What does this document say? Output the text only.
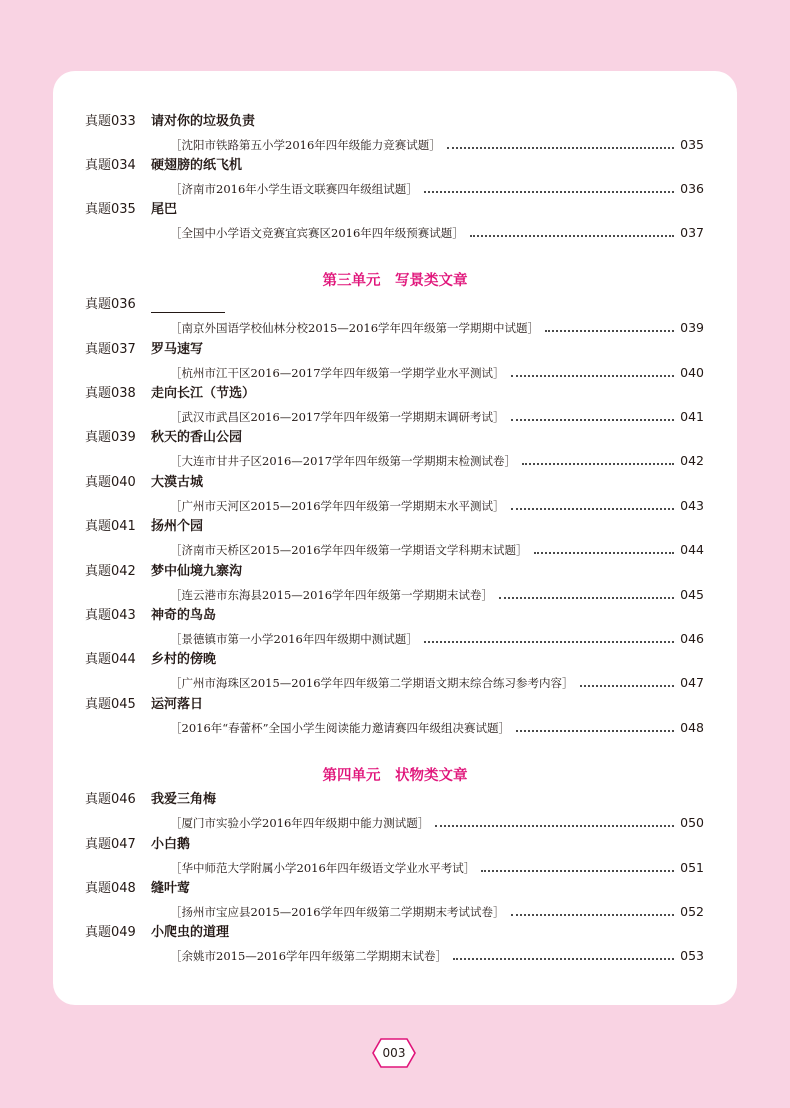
真题033 请对你的垃圾负责
［沈阳市铁路第五小学2016年四年级能力竞赛试题］	035
真题034 硬翅膀的纸飞机
［济南市2016年小学生语文联赛四年级组试题］	036
真题035 尾巴
［全国中小学语文竞赛宜宾赛区2016年四年级预赛试题］	037
第三单元　写景类文章
真题036
［南京外国语学校仙林分校2015—2016学年四年级第一学期期中试题］	039
真题037 罗马速写
［杭州市江干区2016—2017学年四年级第一学期学业水平测试］	040
真题038 走向长江（节选）
［武汉市武昌区2016—2017学年四年级第一学期期末调研考试］	041
真题039 秋天的香山公园
［大连市甘井子区2016—2017学年四年级第一学期期末检测试卷］	042
真题040 大漠古城
［广州市天河区2015—2016学年四年级第一学期期末水平测试］	043
真题041 扬州个园
［济南市天桥区2015—2016学年四年级第一学期语文学科期末试题］	044
真题042 梦中仙境九寨沟
［连云港市东海县2015—2016学年四年级第一学期期末试卷］	045
真题043 神奇的鸟岛
［景德镇市第一小学2016年四年级期中测试题］	046
真题044 乡村的傍晚
［广州市海珠区2015—2016学年四年级第二学期语文期末综合练习参考内容］	047
真题045 运河落日
［2016年“春蕾杯”全国小学生阅读能力邀请赛四年级组决赛试题］	048
第四单元　状物类文章
真题046 我爱三角梅
［厦门市实验小学2016年四年级期中能力测试题］	050
真题047 小白鹅
［华中师范大学附属小学2016年四年级语文学业水平考试］	051
真题048 缝叶莺
［扬州市宝应县2015—2016学年四年级第二学期期末考试试卷］	052
真题049 小爬虫的道理
［余姚市2015—2016学年四年级第二学期期末试卷］	053
003
